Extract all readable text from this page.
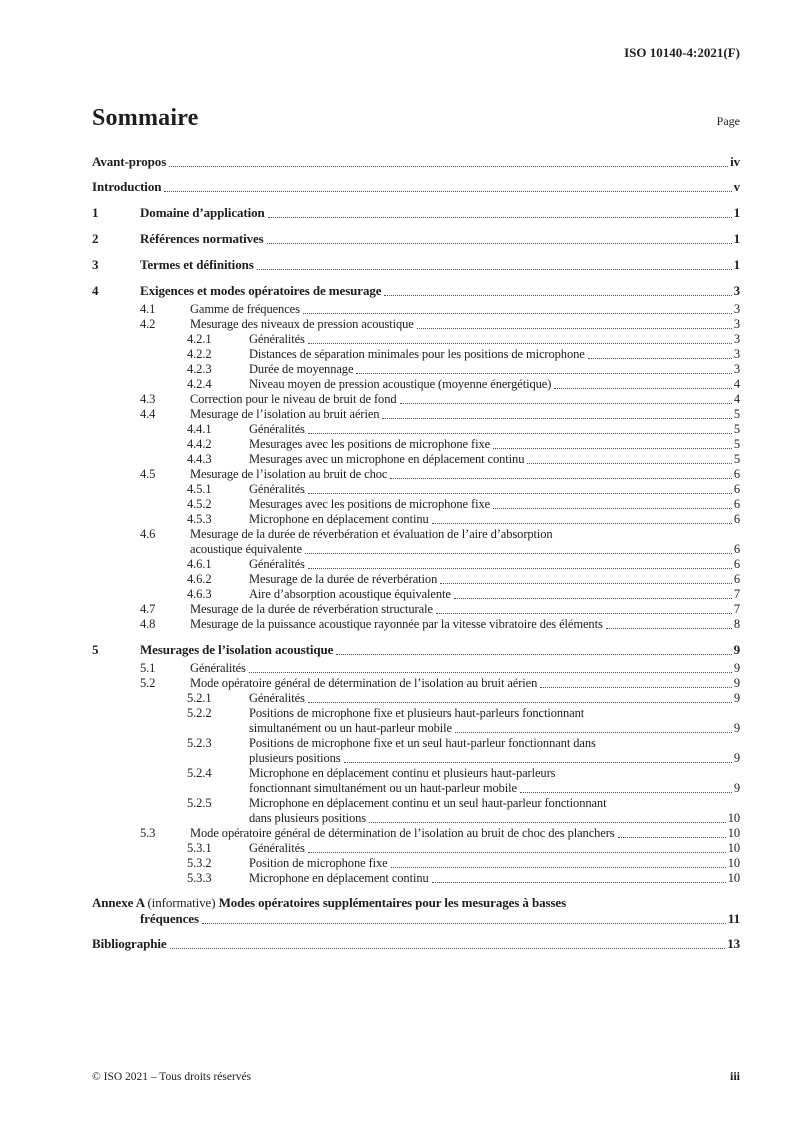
ISO 10140-4:2021(F)
Sommaire	Page
Avant-propos	iv
Introduction	v
1	Domaine d’application	1
2	Références normatives	1
3	Termes et définitions	1
4	Exigences et modes opératoires de mesurage	3
4.1	Gamme de fréquences	3
4.2	Mesurage des niveaux de pression acoustique	3
4.2.1	Généralités	3
4.2.2	Distances de séparation minimales pour les positions de microphone	3
4.2.3	Durée de moyennage	3
4.2.4	Niveau moyen de pression acoustique (moyenne énergétique)	4
4.3	Correction pour le niveau de bruit de fond	4
4.4	Mesurage de l’isolation au bruit aérien	5
4.4.1	Généralités	5
4.4.2	Mesurages avec les positions de microphone fixe	5
4.4.3	Mesurages avec un microphone en déplacement continu	5
4.5	Mesurage de l’isolation au bruit de choc	6
4.5.1	Généralités	6
4.5.2	Mesurages avec les positions de microphone fixe	6
4.5.3	Microphone en déplacement continu	6
4.6	Mesurage de la durée de réverbération et évaluation de l’aire d’absorption
acoustique équivalente	6
4.6.1	Généralités	6
4.6.2	Mesurage de la durée de réverbération	6
4.6.3	Aire d’absorption acoustique équivalente	7
4.7	Mesurage de la durée de réverbération structurale	7
4.8	Mesurage de la puissance acoustique rayonnée par la vitesse vibratoire des éléments	8
5	Mesurages de l’isolation acoustique	9
5.1	Généralités	9
5.2	Mode opératoire général de détermination de l’isolation au bruit aérien	9
5.2.1	Généralités	9
5.2.2	Positions de microphone fixe et plusieurs haut-parleurs fonctionnant
simultanément ou un haut-parleur mobile	9
5.2.3	Positions de microphone fixe et un seul haut-parleur fonctionnant dans
plusieurs positions	9
5.2.4	Microphone en déplacement continu et plusieurs haut-parleurs
fonctionnant simultanément ou un haut-parleur mobile	9
5.2.5	Microphone en déplacement continu et un seul haut-parleur fonctionnant
dans plusieurs positions	10
5.3	Mode opératoire général de détermination de l’isolation au bruit de choc des planchers	10
5.3.1	Généralités	10
5.3.2	Position de microphone fixe	10
5.3.3	Microphone en déplacement continu	10
Annexe A (informative) Modes opératoires supplémentaires pour les mesurages à basses
fréquences	11
Bibliographie	13
© ISO 2021 – Tous droits réservés	iii
